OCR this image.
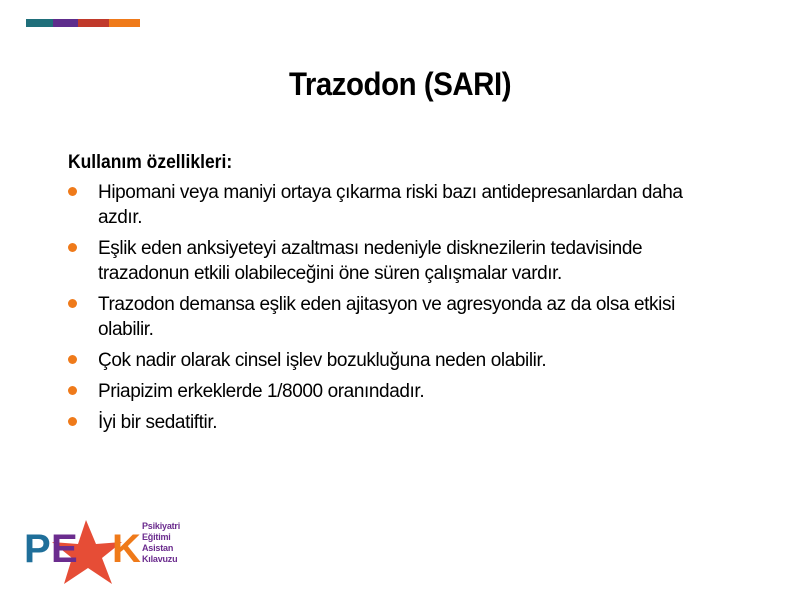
Trazodon (SARI)
Kullanım özellikleri:
Hipomani veya maniyi ortaya çıkarma riski bazı antidepresanlardan daha azdır.
Eşlik eden anksiyeteyi azaltması nedeniyle disknezilerin tedavisinde trazadonun etkili olabileceğini öne süren çalışmalar vardır.
Trazodon demansa eşlik eden ajitasyon ve agresyonda az da olsa etkisi olabilir.
Çok nadir olarak cinsel işlev bozukluğuna neden olabilir.
Priapizim erkeklerde 1/8000 oranındadır.
İyi bir sedatiftir.
P E K
Psikiyatri
Eğitimi
Asistan
Kılavuzu
